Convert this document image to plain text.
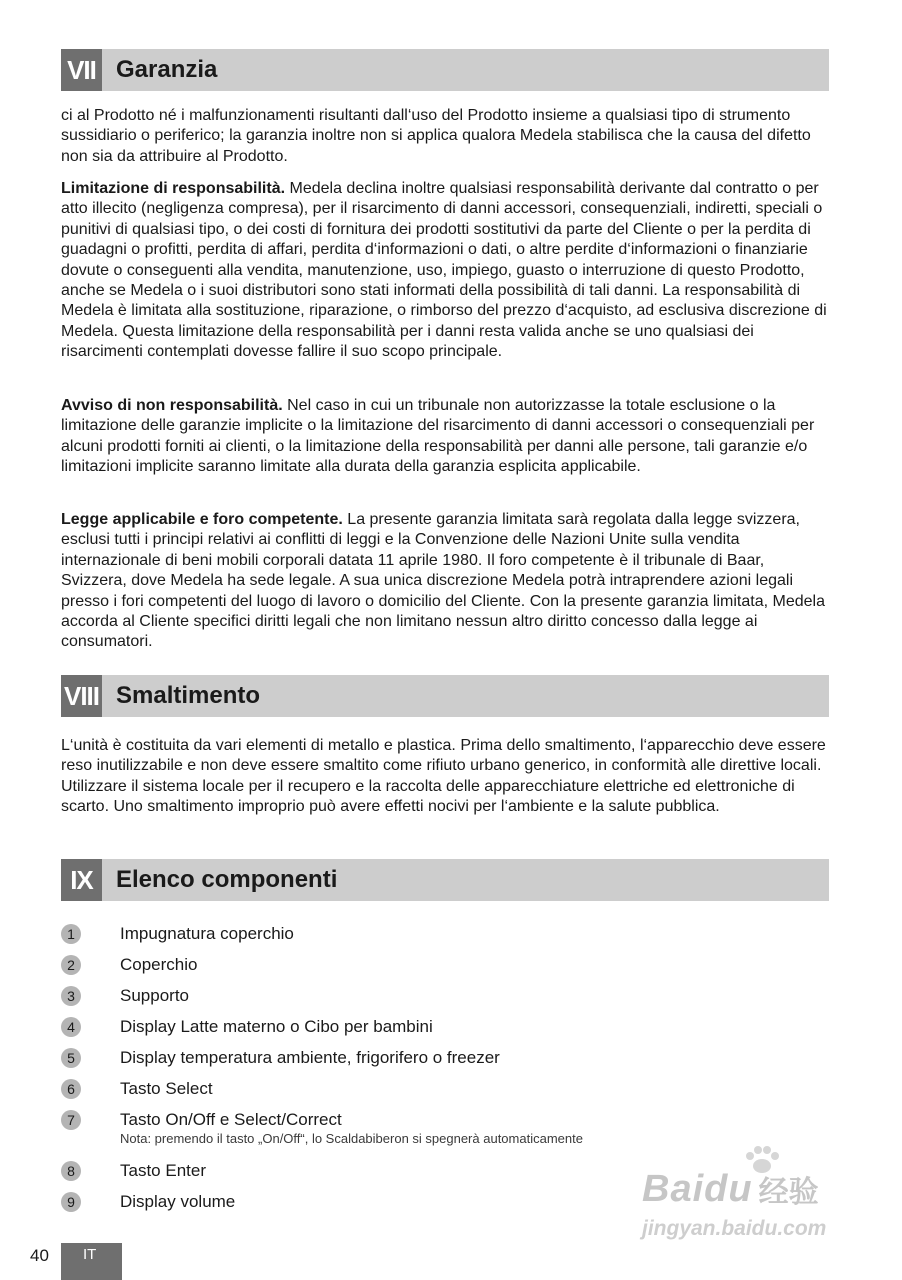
VII Garanzia

ci al Prodotto né i malfunzionamenti risultanti dall‘uso del Prodotto insieme a qualsiasi tipo di strumento sussidiario o periferico; la garanzia inoltre non si applica qualora Medela stabilisca che la causa del difetto non sia da attribuire al Prodotto.

Limitazione di responsabilità. Medela declina inoltre qualsiasi responsabilità derivante dal contratto o per atto illecito (negligenza compresa), per il risarcimento di danni accessori, consequenziali, indiretti, speciali o punitivi di qualsiasi tipo, o dei costi di fornitura dei prodotti sostitutivi da parte del Cliente o per la perdita di guadagni o profitti, perdita di affari, perdita d‘informazioni o dati, o altre perdite d‘informazioni o finanziarie dovute o conseguenti alla vendita, manutenzione, uso, impiego, guasto o interruzione di questo Prodotto, anche se Medela o i suoi distributori sono stati informati della possibilità di tali danni. La responsabilità di Medela è limitata alla sostituzione, riparazione, o rimborso del prezzo d‘acquisto, ad esclusiva discrezione di Medela. Questa limitazione della responsabilità per i danni resta valida anche se uno qualsiasi dei risarcimenti contemplati dovesse fallire il suo scopo principale.

Avviso di non responsabilità. Nel caso in cui un tribunale non autorizzasse la totale esclusione o la limitazione delle garanzie implicite o la limitazione del risarcimento di danni accessori o consequenziali per alcuni prodotti forniti ai clienti, o la limitazione della responsabilità per danni alle persone, tali garanzie e/o limitazioni implicite saranno limitate alla durata della garanzia esplicita applicabile.

Legge applicabile e foro competente. La presente garanzia limitata sarà regolata dalla legge svizzera, esclusi tutti i principi relativi ai conflitti di leggi e la Convenzione delle Nazioni Unite sulla vendita internazionale di beni mobili corporali datata 11 aprile 1980. Il foro competente è il tribunale di Baar, Svizzera, dove Medela ha sede legale. A sua unica discrezione Medela potrà intraprendere azioni legali presso i fori competenti del luogo di lavoro o domicilio del Cliente. Con la presente garanzia limitata, Medela accorda al Cliente specifici diritti legali che non limitano nessun altro diritto concesso dalla legge ai consumatori.

VIII Smaltimento

L‘unità è costituita da vari elementi di metallo e plastica. Prima dello smaltimento, l‘apparecchio deve essere reso inutilizzabile e non deve essere smaltito come rifiuto urbano generico, in conformità alle direttive locali. Utilizzare il sistema locale per il recupero e la raccolta delle apparecchiature elettriche ed elettroniche di scarto. Uno smaltimento improprio può avere effetti nocivi per l‘ambiente e la salute pubblica.

IX Elenco componenti
1	Impugnatura coperchio
2	Coperchio
3	Supporto
4	Display Latte materno o Cibo per bambini
5	Display temperatura ambiente, frigorifero o freezer
6	Tasto Select
7	Tasto On/Off e Select/Correct
Nota: premendo il tasto „On/Off“, lo Scaldabiberon si spegnerà automaticamente
8	Tasto Enter
9	Display volume	Bai du 经验
jingyan.baidu.com
40	IT
